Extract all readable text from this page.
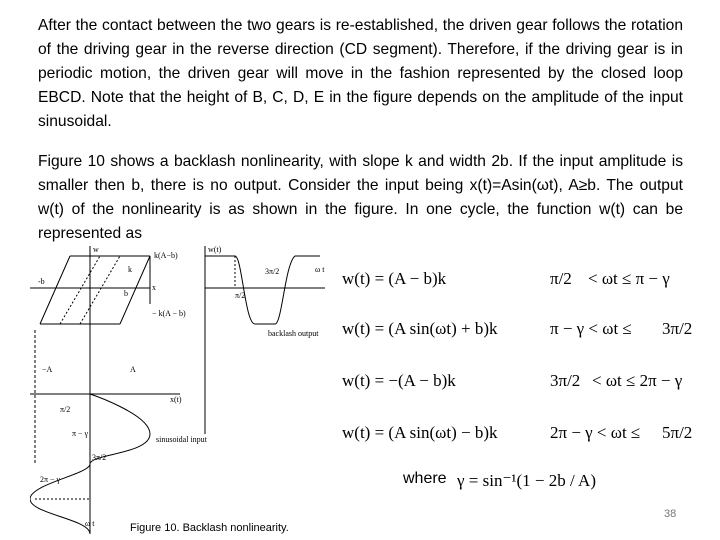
After the contact between the two gears is re-established, the driven gear follows the rotation of the driving gear in the reverse direction (CD segment). Therefore, if the driving gear is in periodic motion, the driven gear will move in the fashion represented by the closed loop EBCD. Note that the height of B, C, D, E in the figure depends on the amplitude of the input sinusoidal.

Figure 10 shows a backlash nonlinearity, with slope k and width 2b. If the input amplitude is smaller then b, there is no output. Consider the input being x(t)=Asin(ωt), A≥b. The output w(t) of the nonlinearity is as shown in the figure. In one cycle, the function w(t) can be represented as

w
-b
k
b
k(A−b)
− k(A − b)
x
w(t)
3π/2	ω t
π/2
backlash output
−A	A
x(t)
π/2
π − γ
sinusoidal input
3π/2
2π − γ
ω t
w(t) = (A − b)k	π/2 < ωt ≤ π − γ
w(t) = (A sin(ωt) + b)k	π − γ < ωt ≤ 3π/2
w(t) = −(A − b)k	3π/2 < ωt ≤ 2π − γ
w(t) = (A sin(ωt) − b)k	2π − γ < ωt ≤ 5π/2
where γ = sin⁻¹(1 − 2b / A)
Figure 10. Backlash nonlinearity.
38
